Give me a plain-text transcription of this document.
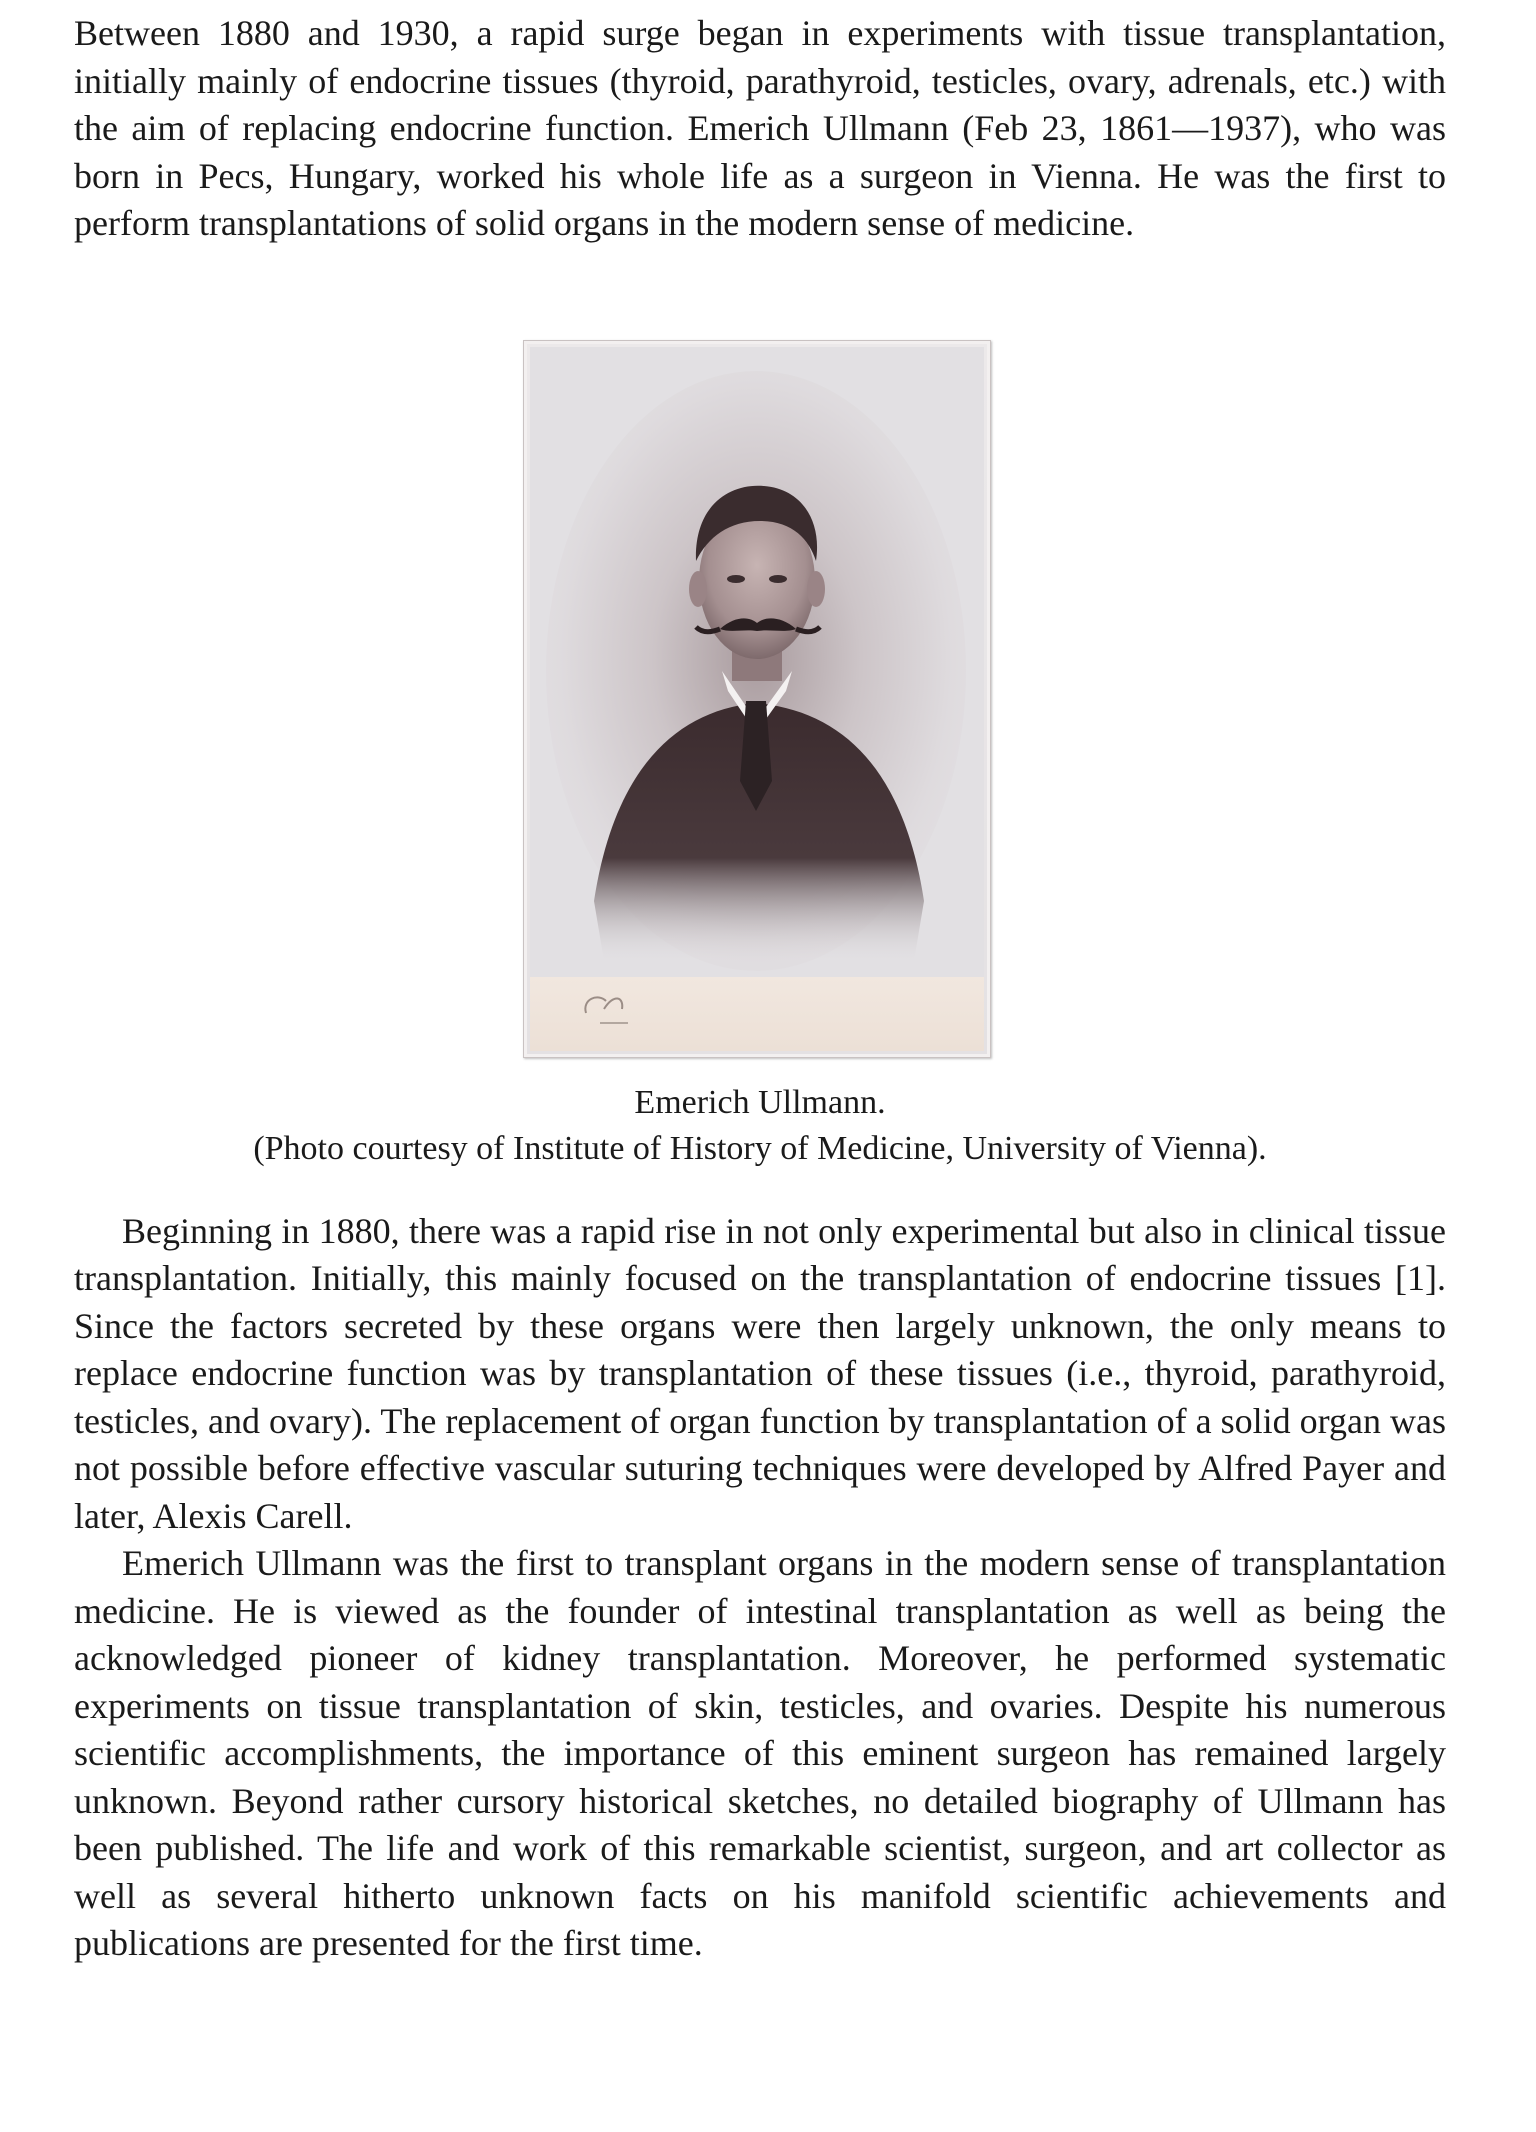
Between 1880 and 1930, a rapid surge began in experiments with tissue transplantation, initially mainly of endocrine tissues (thyroid, parathyroid, testicles, ovary, adrenals, etc.) with the aim of replacing endocrine function. Emerich Ullmann (Feb 23, 1861—1937), who was born in Pecs, Hungary, worked his whole life as a surgeon in Vienna. He was the first to perform transplantations of solid organs in the modern sense of medicine.

Emerich Ullmann.
(Photo courtesy of Institute of History of Medicine, University of Vienna).

Beginning in 1880, there was a rapid rise in not only experimental but also in clinical tissue transplantation. Initially, this mainly focused on the transplantation of endocrine tissues [1]. Since the factors secreted by these organs were then largely unknown, the only means to replace endocrine function was by transplantation of these tissues (i.e., thyroid, parathyroid, testicles, and ovary). The replacement of organ function by transplantation of a solid organ was not possible before effective vascular suturing techniques were developed by Alfred Payer and later, Alexis Carell.

Emerich Ullmann was the first to transplant organs in the modern sense of transplantation medicine. He is viewed as the founder of intestinal transplantation as well as being the acknowledged pioneer of kidney transplantation. Moreover, he performed systematic experiments on tissue transplantation of skin, testicles, and ovaries. Despite his numerous scientific accomplishments, the importance of this eminent surgeon has remained largely unknown. Beyond rather cursory historical sketches, no detailed biography of Ullmann has been published. The life and work of this remarkable scientist, surgeon, and art collector as well as several hitherto unknown facts on his manifold scientific achievements and publications are presented for the first time.
